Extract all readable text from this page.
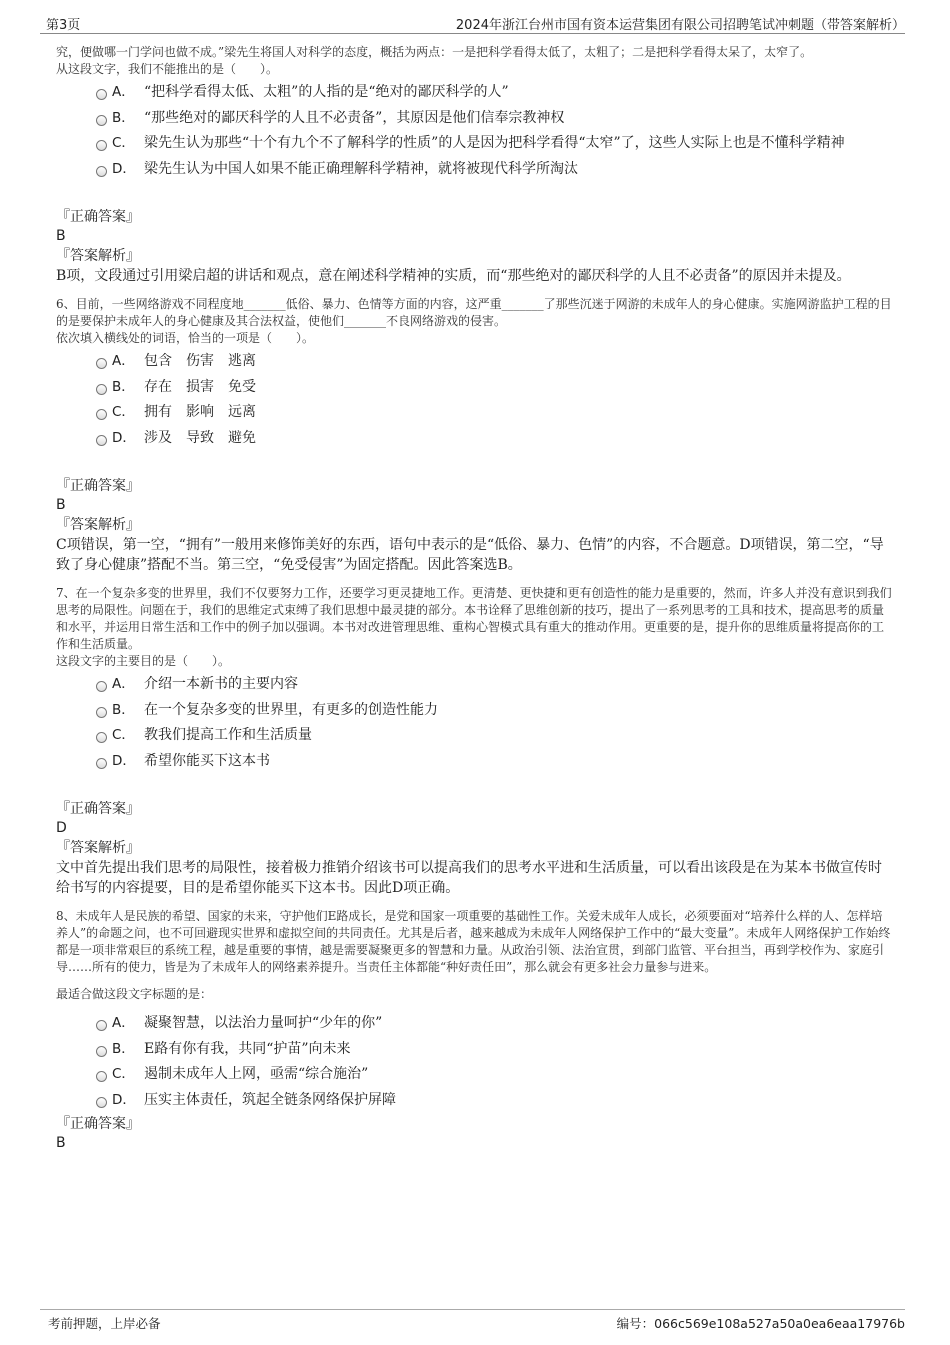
第3页	2024年浙江台州市国有资本运营集团有限公司招聘笔试冲刺题（带答案解析）
究，便做哪一门学问也做不成。”梁先生将国人对科学的态度，概括为两点：一是把科学看得太低了，太粗了；二是把科学看得太呆了，太窄了。
从这段文字，我们不能推出的是（　　）。
A． “把科学看得太低、太粗”的人指的是“绝对的鄙厌科学的人”
B． “那些绝对的鄙厌科学的人且不必责备”，其原因是他们信奉宗教神权
C． 梁先生认为那些“十个有九个不了解科学的性质”的人是因为把科学看得“太窄”了，这些人实际上也是不懂科学精神
D． 梁先生认为中国人如果不能正确理解科学精神，就将被现代科学所淘汰
『正确答案』
B
『答案解析』
B项，文段通过引用梁启超的讲话和观点，意在阐述科学精神的实质，而“那些绝对的鄙厌科学的人且不必责备”的原因并未提及。
6、目前，一些网络游戏不同程度地_______低俗、暴力、色情等方面的内容，这严重_______了那些沉迷于网游的未成年人的身心健康。实施网游监护工程的目的是要保护未成年人的身心健康及其合法权益，使他们_______不良网络游戏的侵害。
依次填入横线处的词语，恰当的一项是（　　）。
A． 包含　伤害　逃离
B． 存在　损害　免受
C． 拥有　影响　远离
D． 涉及　导致　避免
『正确答案』
B
『答案解析』
C项错误，第一空，“拥有”一般用来修饰美好的东西，语句中表示的是“低俗、暴力、色情”的内容，不合题意。D项错误，第二空，“导致了身心健康”搭配不当。第三空，“免受侵害”为固定搭配。因此答案选B。
7、在一个复杂多变的世界里，我们不仅要努力工作，还要学习更灵捷地工作。更清楚、更快捷和更有创造性的能力是重要的，然而，许多人并没有意识到我们思考的局限性。问题在于，我们的思维定式束缚了我们思想中最灵捷的部分。本书诠释了思维创新的技巧，提出了一系列思考的工具和技术，提高思考的质量和水平，并运用日常生活和工作中的例子加以强调。本书对改进管理思维、重构心智模式具有重大的推动作用。更重要的是，提升你的思维质量将提高你的工作和生活质量。
这段文字的主要目的是（　　）。
A． 介绍一本新书的主要内容
B． 在一个复杂多变的世界里，有更多的创造性能力
C． 教我们提高工作和生活质量
D． 希望你能买下这本书
『正确答案』
D
『答案解析』
文中首先提出我们思考的局限性，接着极力推销介绍该书可以提高我们的思考水平进和生活质量，可以看出该段是在为某本书做宣传时给书写的内容提要，目的是希望你能买下这本书。因此D项正确。
8、未成年人是民族的希望、国家的未来，守护他们E路成长，是党和国家一项重要的基础性工作。关爱未成年人成长，必须要面对“培养什么样的人、怎样培养人”的命题之问，也不可回避现实世界和虚拟空间的共同责任。尤其是后者，越来越成为未成年人网络保护工作中的“最大变量”。未成年人网络保护工作始终都是一项非常艰巨的系统工程，越是重要的事情，越是需要凝聚更多的智慧和力量。从政治引领、法治宣贯，到部门监管、平台担当，再到学校作为、家庭引导……所有的使力，皆是为了未成年人的网络素养提升。当责任主体都能“种好责任田”，那么就会有更多社会力量参与进来。
最适合做这段文字标题的是：
A． 凝聚智慧，以法治力量呵护“少年的你”
B． E路有你有我，共同“护苗”向未来
C． 遏制未成年人上网，亟需“综合施治”
D． 压实主体责任，筑起全链条网络保护屏障
『正确答案』
B
考前押题，上岸必备	编号：066c569e108a527a50a0ea6eaa17976b
